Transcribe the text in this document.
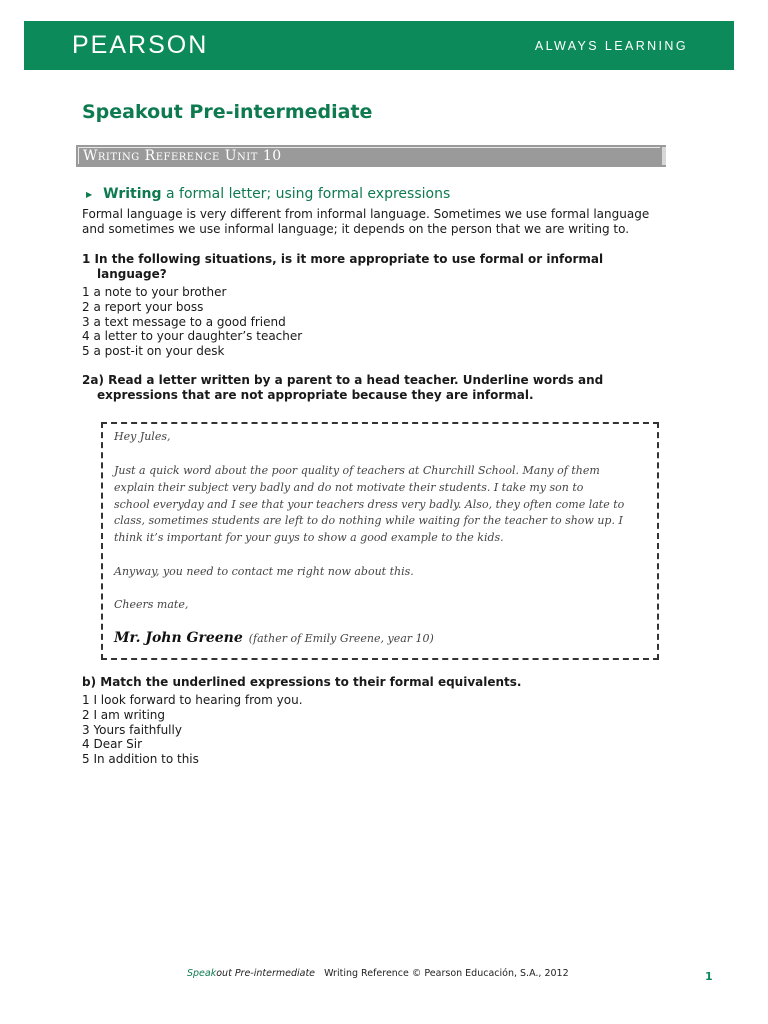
PEARSON	ALWAYS LEARNING
Speakout Pre-intermediate
Writing Reference Unit 10
▶ Writing a formal letter; using formal expressions
Formal language is very different from informal language. Sometimes we use formal language
and sometimes we use informal language; it depends on the person that we are writing to.
1 In the following situations, is it more appropriate to use formal or informal
language?
1 a note to your brother
2 a report your boss
3 a text message to a good friend
4 a letter to your daughter’s teacher
5 a post-it on your desk
2a) Read a letter written by a parent to a head teacher. Underline words and
expressions that are not appropriate because they are informal.
Hey Jules,
Just a quick word about the poor quality of teachers at Churchill School. Many of them
explain their subject very badly and do not motivate their students. I take my son to
school everyday and I see that your teachers dress very badly. Also, they often come late to
class, sometimes students are left to do nothing while waiting for the teacher to show up. I
think it’s important for your guys to show a good example to the kids.
Anyway, you need to contact me right now about this.
Cheers mate,
Mr. John Greene (father of Emily Greene, year 10)
b) Match the underlined expressions to their formal equivalents.
1 I look forward to hearing from you.
2 I am writing
3 Yours faithfully
4 Dear Sir
5 In addition to this
Speakout Pre-intermediate   Writing Reference © Pearson Educación, S.A., 2012	1
